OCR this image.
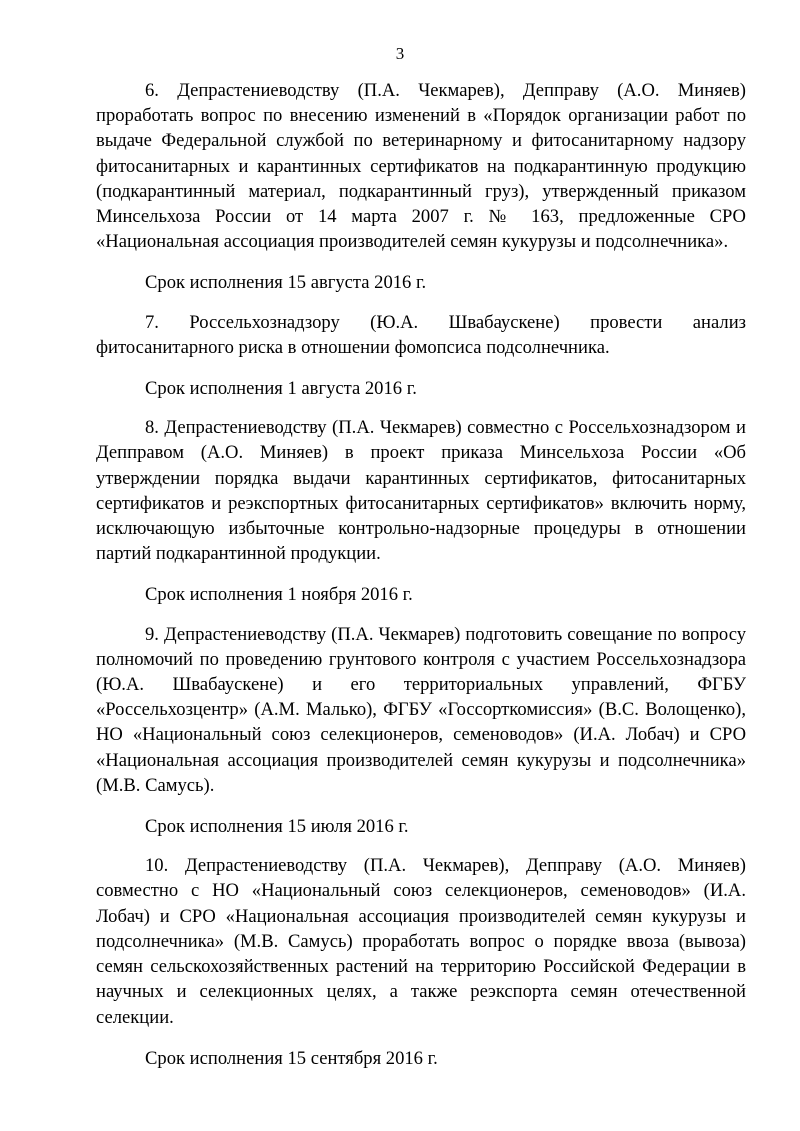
3

6. Депрастениеводству (П.А. Чекмарев), Депправу (А.О. Миняев) проработать вопрос по внесению изменений в «Порядок организации работ по выдаче Федеральной службой по ветеринарному и фитосанитарному надзору фитосанитарных и карантинных сертификатов на подкарантинную продукцию (подкарантинный материал, подкарантинный груз), утвержденный приказом Минсельхоза России от 14 марта 2007 г. № 163, предложенные СРО «Национальная ассоциация производителей семян кукурузы и подсолнечника».

Срок исполнения 15 августа 2016 г.

7. Россельхознадзору (Ю.А. Швабаускене) провести анализ фитосанитарного риска в отношении фомопсиса подсолнечника.

Срок исполнения 1 августа 2016 г.

8. Депрастениеводству (П.А. Чекмарев) совместно с Россельхознадзором и Депправом (А.О. Миняев) в проект приказа Минсельхоза России «Об утверждении порядка выдачи карантинных сертификатов, фитосанитарных сертификатов и реэкспортных фитосанитарных сертификатов» включить норму, исключающую избыточные контрольно-надзорные процедуры в отношении партий подкарантинной продукции.

Срок исполнения 1 ноября 2016 г.

9. Депрастениеводству (П.А. Чекмарев) подготовить совещание по вопросу полномочий по проведению грунтового контроля с участием Россельхознадзора (Ю.А. Швабаускене) и его территориальных управлений, ФГБУ «Россельхозцентр» (А.М. Малько), ФГБУ «Госсорткомиссия» (В.С. Волощенко), НО «Национальный союз селекционеров, семеноводов» (И.А. Лобач) и СРО «Национальная ассоциация производителей семян кукурузы и подсолнечника» (М.В. Самусь).

Срок исполнения 15 июля 2016 г.

10. Депрастениеводству (П.А. Чекмарев), Депправу (А.О. Миняев) совместно с НО «Национальный союз селекционеров, семеноводов» (И.А. Лобач) и СРО «Национальная ассоциация производителей семян кукурузы и подсолнечника» (М.В. Самусь) проработать вопрос о порядке ввоза (вывоза) семян сельскохозяйственных растений на территорию Российской Федерации в научных и селекционных целях, а также реэкспорта семян отечественной селекции.

Срок исполнения 15 сентября 2016 г.
